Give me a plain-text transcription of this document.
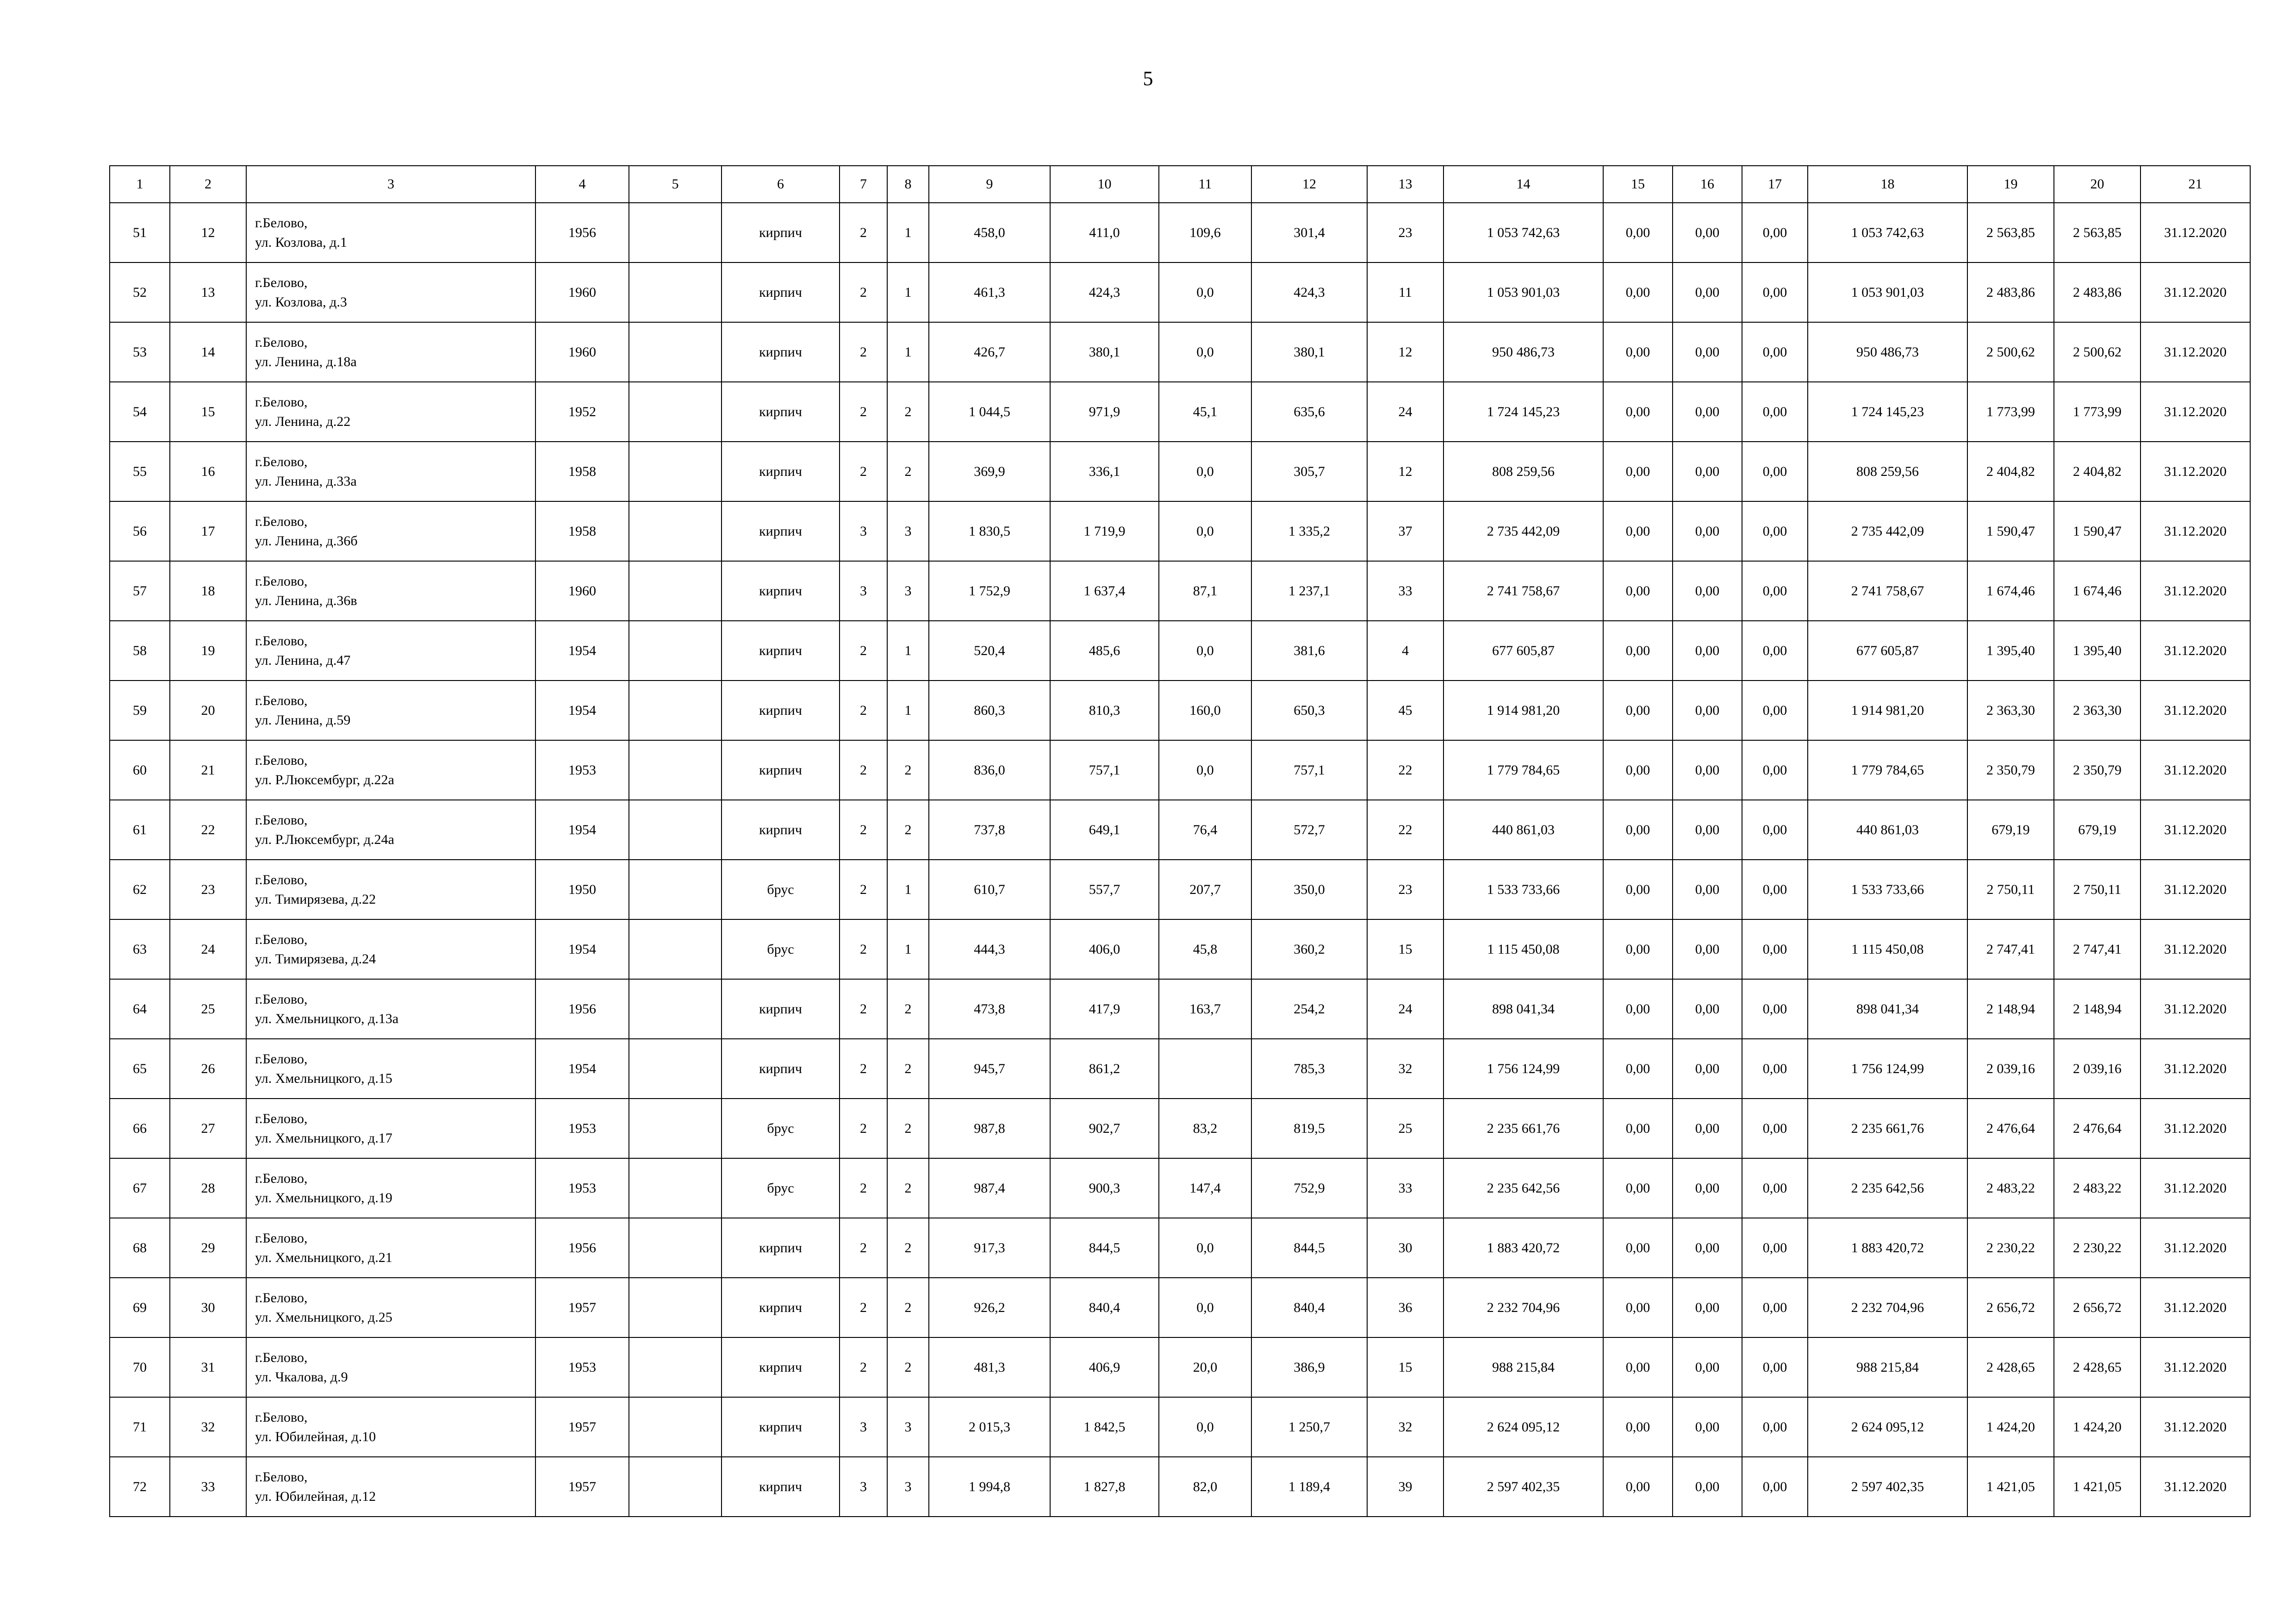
5
1	2	3	4	5	6	7	8	9	10	11	12	13	14	15	16	17	18	19	20	21
51	12	г.Белово,
ул. Козлова, д.1	1956		кирпич	2	1	458,0	411,0	109,6	301,4	23	1 053 742,63	0,00	0,00	0,00	1 053 742,63	2 563,85	2 563,85	31.12.2020
52	13	г.Белово,
ул. Козлова, д.3	1960		кирпич	2	1	461,3	424,3	0,0	424,3	11	1 053 901,03	0,00	0,00	0,00	1 053 901,03	2 483,86	2 483,86	31.12.2020
53	14	г.Белово,
ул. Ленина, д.18а	1960		кирпич	2	1	426,7	380,1	0,0	380,1	12	950 486,73	0,00	0,00	0,00	950 486,73	2 500,62	2 500,62	31.12.2020
54	15	г.Белово,
ул. Ленина, д.22	1952		кирпич	2	2	1 044,5	971,9	45,1	635,6	24	1 724 145,23	0,00	0,00	0,00	1 724 145,23	1 773,99	1 773,99	31.12.2020
55	16	г.Белово,
ул. Ленина, д.33а	1958		кирпич	2	2	369,9	336,1	0,0	305,7	12	808 259,56	0,00	0,00	0,00	808 259,56	2 404,82	2 404,82	31.12.2020
56	17	г.Белово,
ул. Ленина, д.36б	1958		кирпич	3	3	1 830,5	1 719,9	0,0	1 335,2	37	2 735 442,09	0,00	0,00	0,00	2 735 442,09	1 590,47	1 590,47	31.12.2020
57	18	г.Белово,
ул. Ленина, д.36в	1960		кирпич	3	3	1 752,9	1 637,4	87,1	1 237,1	33	2 741 758,67	0,00	0,00	0,00	2 741 758,67	1 674,46	1 674,46	31.12.2020
58	19	г.Белово,
ул. Ленина, д.47	1954		кирпич	2	1	520,4	485,6	0,0	381,6	4	677 605,87	0,00	0,00	0,00	677 605,87	1 395,40	1 395,40	31.12.2020
59	20	г.Белово,
ул. Ленина, д.59	1954		кирпич	2	1	860,3	810,3	160,0	650,3	45	1 914 981,20	0,00	0,00	0,00	1 914 981,20	2 363,30	2 363,30	31.12.2020
60	21	г.Белово,
ул. Р.Люксембург, д.22а	1953		кирпич	2	2	836,0	757,1	0,0	757,1	22	1 779 784,65	0,00	0,00	0,00	1 779 784,65	2 350,79	2 350,79	31.12.2020
61	22	г.Белово,
ул. Р.Люксембург, д.24а	1954		кирпич	2	2	737,8	649,1	76,4	572,7	22	440 861,03	0,00	0,00	0,00	440 861,03	679,19	679,19	31.12.2020
62	23	г.Белово,
ул. Тимирязева, д.22	1950		брус	2	1	610,7	557,7	207,7	350,0	23	1 533 733,66	0,00	0,00	0,00	1 533 733,66	2 750,11	2 750,11	31.12.2020
63	24	г.Белово,
ул. Тимирязева, д.24	1954		брус	2	1	444,3	406,0	45,8	360,2	15	1 115 450,08	0,00	0,00	0,00	1 115 450,08	2 747,41	2 747,41	31.12.2020
64	25	г.Белово,
ул. Хмельницкого, д.13а	1956		кирпич	2	2	473,8	417,9	163,7	254,2	24	898 041,34	0,00	0,00	0,00	898 041,34	2 148,94	2 148,94	31.12.2020
65	26	г.Белово,
ул. Хмельницкого, д.15	1954		кирпич	2	2	945,7	861,2		785,3	32	1 756 124,99	0,00	0,00	0,00	1 756 124,99	2 039,16	2 039,16	31.12.2020
66	27	г.Белово,
ул. Хмельницкого, д.17	1953		брус	2	2	987,8	902,7	83,2	819,5	25	2 235 661,76	0,00	0,00	0,00	2 235 661,76	2 476,64	2 476,64	31.12.2020
67	28	г.Белово,
ул. Хмельницкого, д.19	1953		брус	2	2	987,4	900,3	147,4	752,9	33	2 235 642,56	0,00	0,00	0,00	2 235 642,56	2 483,22	2 483,22	31.12.2020
68	29	г.Белово,
ул. Хмельницкого, д.21	1956		кирпич	2	2	917,3	844,5	0,0	844,5	30	1 883 420,72	0,00	0,00	0,00	1 883 420,72	2 230,22	2 230,22	31.12.2020
69	30	г.Белово,
ул. Хмельницкого, д.25	1957		кирпич	2	2	926,2	840,4	0,0	840,4	36	2 232 704,96	0,00	0,00	0,00	2 232 704,96	2 656,72	2 656,72	31.12.2020
70	31	г.Белово,
ул. Чкалова, д.9	1953		кирпич	2	2	481,3	406,9	20,0	386,9	15	988 215,84	0,00	0,00	0,00	988 215,84	2 428,65	2 428,65	31.12.2020
71	32	г.Белово,
ул. Юбилейная, д.10	1957		кирпич	3	3	2 015,3	1 842,5	0,0	1 250,7	32	2 624 095,12	0,00	0,00	0,00	2 624 095,12	1 424,20	1 424,20	31.12.2020
72	33	г.Белово,
ул. Юбилейная, д.12	1957		кирпич	3	3	1 994,8	1 827,8	82,0	1 189,4	39	2 597 402,35	0,00	0,00	0,00	2 597 402,35	1 421,05	1 421,05	31.12.2020
